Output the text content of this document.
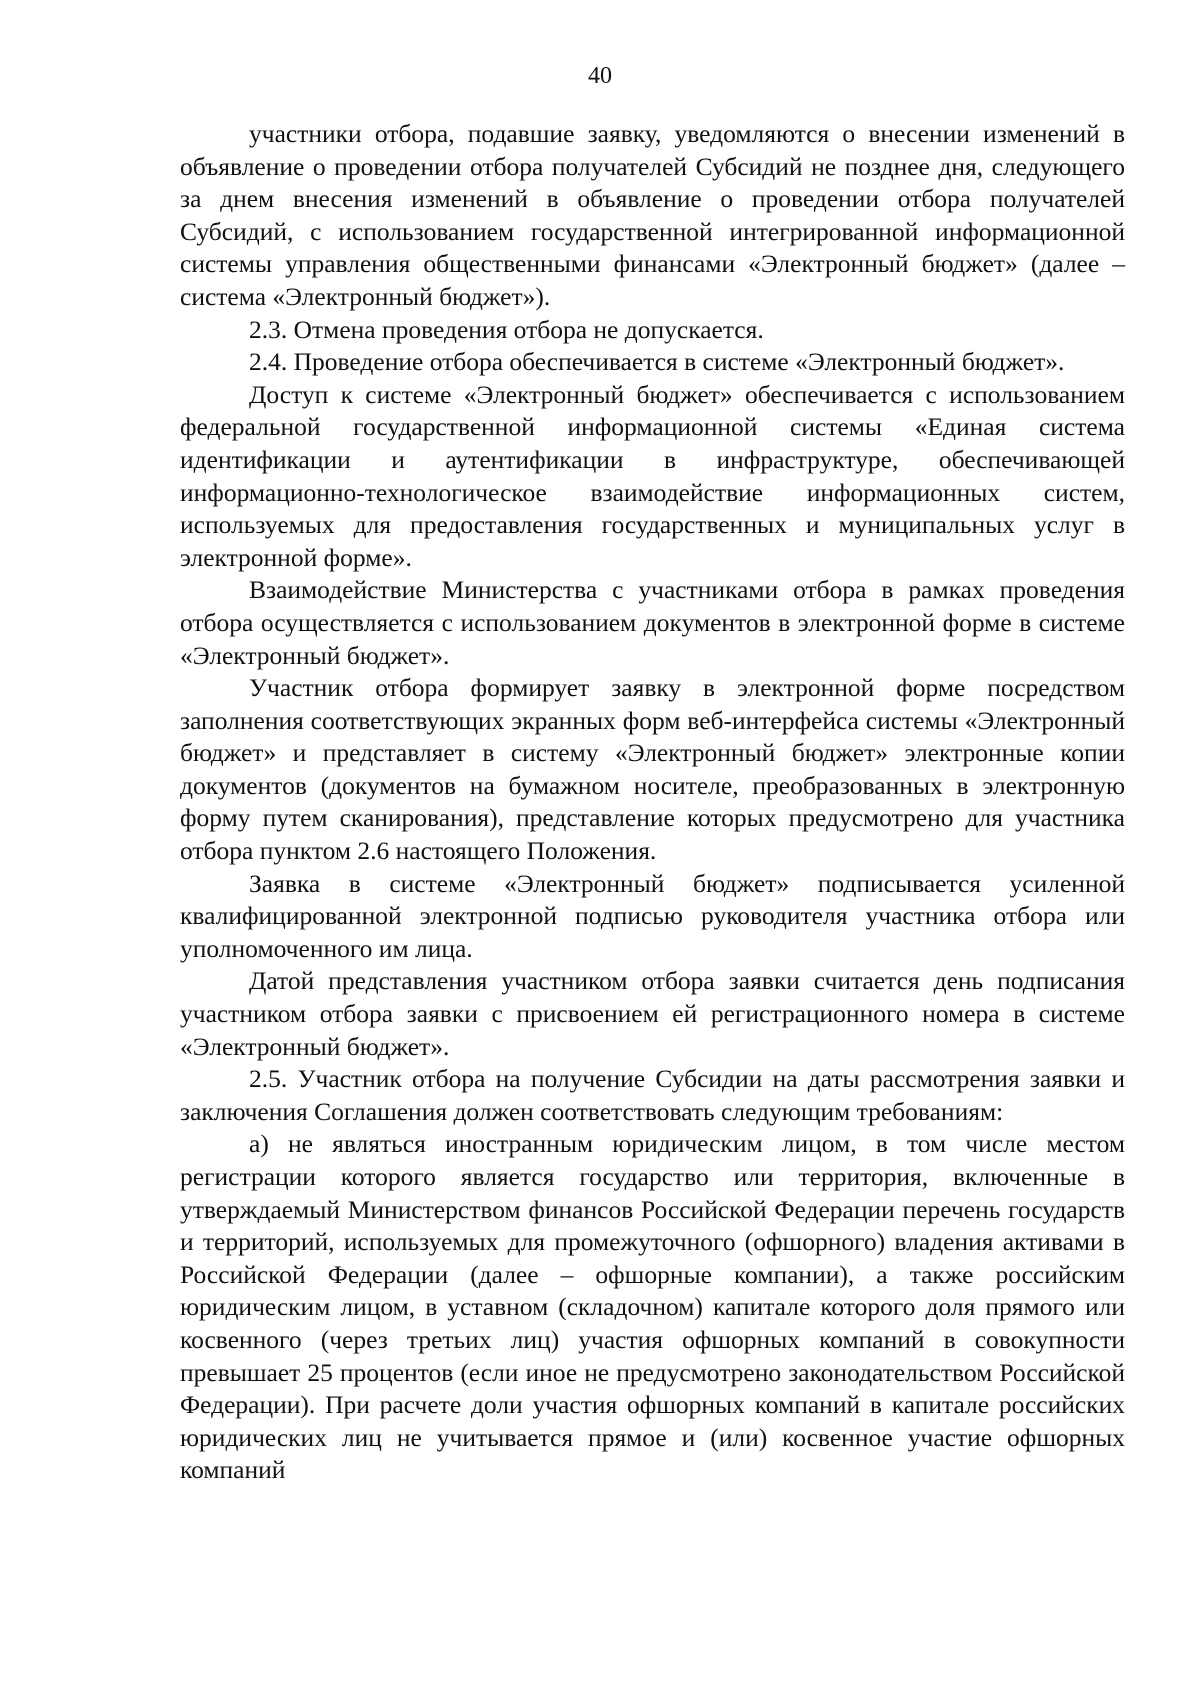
40

участники отбора, подавшие заявку, уведомляются о внесении изменений в объявление о проведении отбора получателей Субсидий не позднее дня, следующего за днем внесения изменений в объявление о проведении отбора получателей Субсидий, с использованием государственной интегрированной информационной системы управления общественными финансами «Электронный бюджет» (далее – система «Электронный бюджет»).

2.3. Отмена проведения отбора не допускается.

2.4. Проведение отбора обеспечивается в системе «Электронный бюджет».

Доступ к системе «Электронный бюджет» обеспечивается с использованием федеральной государственной информационной системы «Единая система идентификации и аутентификации в инфраструктуре, обеспечивающей информационно-технологическое взаимодействие информационных систем, используемых для предоставления государственных и муниципальных услуг в электронной форме».

Взаимодействие Министерства с участниками отбора в рамках проведения отбора осуществляется с использованием документов в электронной форме в системе «Электронный бюджет».

Участник отбора формирует заявку в электронной форме посредством заполнения соответствующих экранных форм веб-интерфейса системы «Электронный бюджет» и представляет в систему «Электронный бюджет» электронные копии документов (документов на бумажном носителе, преобразованных в электронную форму путем сканирования), представление которых предусмотрено для участника отбора пунктом 2.6 настоящего Положения.

Заявка в системе «Электронный бюджет» подписывается усиленной квалифицированной электронной подписью руководителя участника отбора или уполномоченного им лица.

Датой представления участником отбора заявки считается день подписания участником отбора заявки с присвоением ей регистрационного номера в системе «Электронный бюджет».

2.5. Участник отбора на получение Субсидии на даты рассмотрения заявки и заключения Соглашения должен соответствовать следующим требованиям:

а) не являться иностранным юридическим лицом, в том числе местом регистрации которого является государство или территория, включенные в утверждаемый Министерством финансов Российской Федерации перечень государств и территорий, используемых для промежуточного (офшорного) владения активами в Российской Федерации (далее – офшорные компании), а также российским юридическим лицом, в уставном (складочном) капитале которого доля прямого или косвенного (через третьих лиц) участия офшорных компаний в совокупности превышает 25 процентов (если иное не предусмотрено законодательством Российской Федерации). При расчете доли участия офшорных компаний в капитале российских юридических лиц не учитывается прямое и (или) косвенное участие офшорных компаний
